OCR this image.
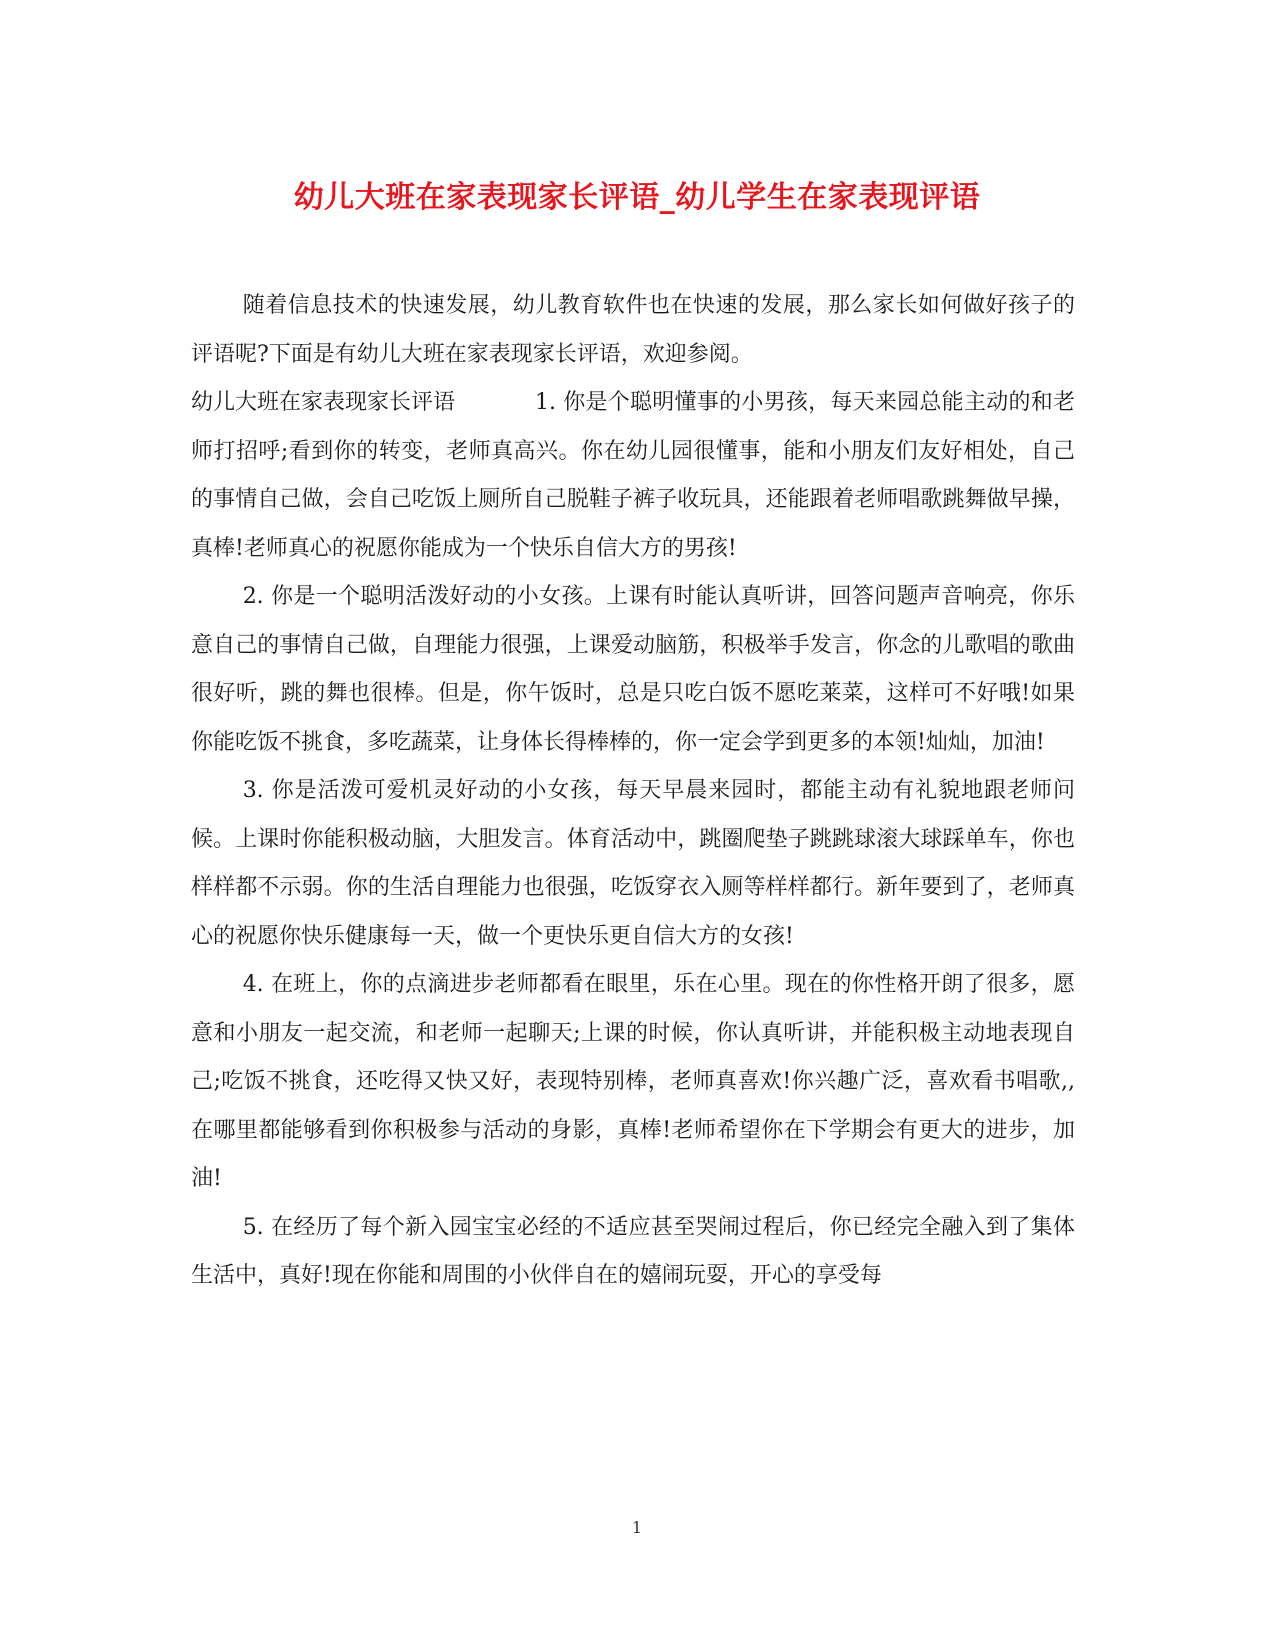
幼儿大班在家表现家长评语_幼儿学生在家表现评语

随着信息技术的快速发展，幼儿教育软件也在快速的发展，那么家长如何做好孩子的评语呢?下面是有幼儿大班在家表现家长评语，欢迎参阅。

幼儿大班在家表现家长评语	1. 你是个聪明懂事的小男孩，每天来园总能主动的和老师打招呼;看到你的转变，老师真高兴。你在幼儿园很懂事，能和小朋友们友好相处，自己的事情自己做，会自己吃饭上厕所自己脱鞋子裤子收玩具，还能跟着老师唱歌跳舞做早操，真棒!老师真心的祝愿你能成为一个快乐自信大方的男孩!

2. 你是一个聪明活泼好动的小女孩。上课有时能认真听讲，回答问题声音响亮，你乐意自己的事情自己做，自理能力很强，上课爱动脑筋，积极举手发言，你念的儿歌唱的歌曲很好听，跳的舞也很棒。但是，你午饭时，总是只吃白饭不愿吃莱菜，这样可不好哦!如果你能吃饭不挑食，多吃蔬菜，让身体长得棒棒的，你一定会学到更多的本领!灿灿，加油!

3. 你是活泼可爱机灵好动的小女孩，每天早晨来园时，都能主动有礼貌地跟老师问候。上课时你能积极动脑，大胆发言。体育活动中，跳圈爬垫子跳跳球滚大球踩单车，你也样样都不示弱。你的生活自理能力也很强，吃饭穿衣入厕等样样都行。新年要到了，老师真心的祝愿你快乐健康每一天，做一个更快乐更自信大方的女孩!

4. 在班上，你的点滴进步老师都看在眼里，乐在心里。现在的你性格开朗了很多，愿意和小朋友一起交流，和老师一起聊天;上课的时候，你认真听讲，并能积极主动地表现自己;吃饭不挑食，还吃得又快又好，表现特别棒，老师真喜欢!你兴趣广泛，喜欢看书唱歌,,在哪里都能够看到你积极参与活动的身影，真棒!老师希望你在下学期会有更大的进步，加油!

5. 在经历了每个新入园宝宝必经的不适应甚至哭闹过程后，你已经完全融入到了集体生活中，真好!现在你能和周围的小伙伴自在的嬉闹玩耍，开心的享受每

1
